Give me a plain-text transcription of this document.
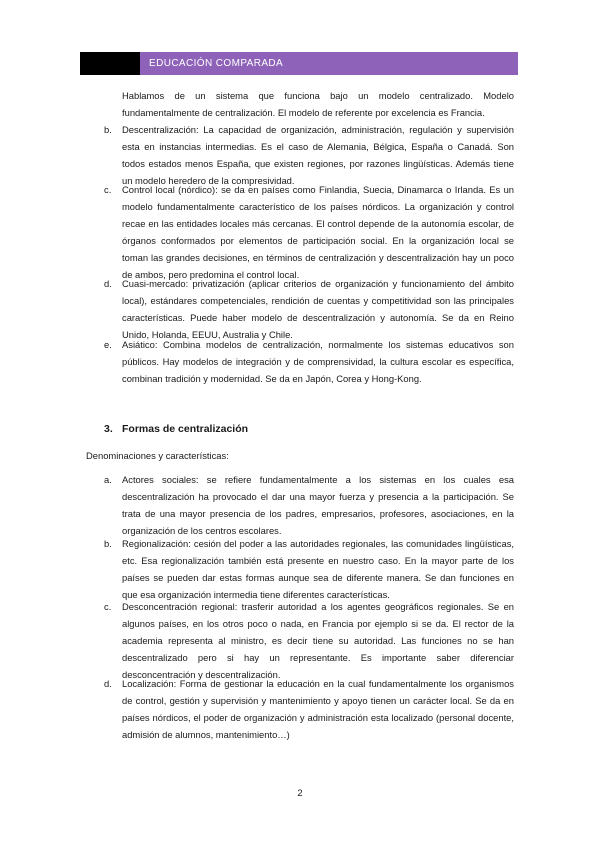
EDUCACIÓN COMPARADA

Hablamos de un sistema que funciona bajo un modelo centralizado. Modelo fundamentalmente de centralización. El modelo de referente por excelencia es Francia.

b. Descentralización: La capacidad de organización, administración, regulación y supervisión esta en instancias intermedias. Es el caso de Alemania, Bélgica, España o Canadá. Son todos estados menos España, que existen regiones, por razones lingüísticas. Además tiene un modelo heredero de la compresividad.

c. Control local (nórdico): se da en países como Finlandia, Suecia, Dinamarca o Irlanda. Es un modelo fundamentalmente característico de los países nórdicos. La organización y control recae en las entidades locales más cercanas. El control depende de la autonomía escolar, de órganos conformados por elementos de participación social. En la organización local se toman las grandes decisiones, en términos de centralización y descentralización hay un poco de ambos, pero predomina el control local.

d. Cuasi-mercado: privatización (aplicar criterios de organización y funcionamiento del ámbito local), estándares competenciales, rendición de cuentas y competitividad son las principales características. Puede haber modelo de descentralización y autonomía. Se da en Reino Unido, Holanda, EEUU, Australia y Chile.

e. Asiático: Combina modelos de centralización, normalmente los sistemas educativos son públicos. Hay modelos de integración y de comprensividad, la cultura escolar es específica, combinan tradición y modernidad. Se da en Japón, Corea y Hong-Kong.

3. Formas de centralización
Denominaciones y características:
a. Actores sociales: se refiere fundamentalmente a los sistemas en los cuales esa descentralización ha provocado el dar una mayor fuerza y presencia a la participación. Se trata de una mayor presencia de los padres, empresarios, profesores, asociaciones, en la organización de los centros escolares.

b. Regionalización: cesión del poder a las autoridades regionales, las comunidades lingüísticas, etc. Esa regionalización también está presente en nuestro caso. En la mayor parte de los países se pueden dar estas formas aunque sea de diferente manera. Se dan funciones en que esa organización intermedia tiene diferentes características.

c. Desconcentración regional: trasferir autoridad a los agentes geográficos regionales. Se en algunos países, en los otros poco o nada, en Francia por ejemplo si se da. El rector de la academia representa al ministro, es decir tiene su autoridad. Las funciones no se han descentralizado pero si hay un representante. Es importante saber diferenciar desconcentración y descentralización.

d. Localización: Forma de gestionar la educación en la cual fundamentalmente los organismos de control, gestión y supervisión y mantenimiento y apoyo tienen un carácter local. Se da en países nórdicos, el poder de organización y administración esta localizado (personal docente, admisión de alumnos, mantenimiento…)

2
